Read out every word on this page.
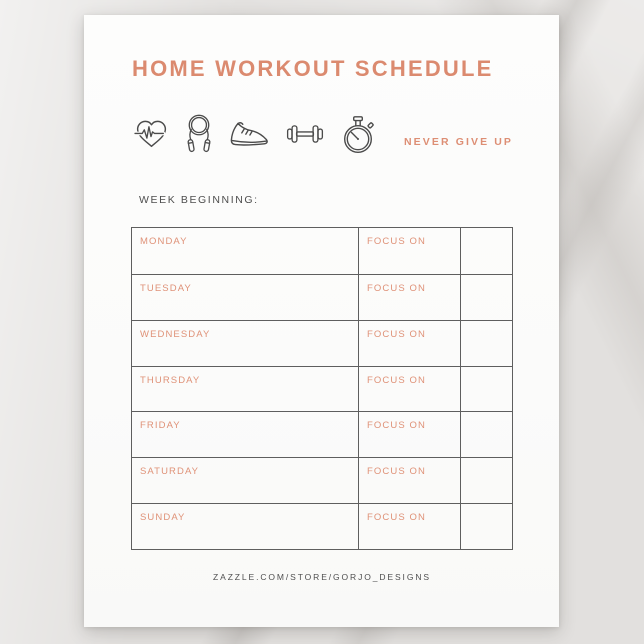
HOME WORKOUT SCHEDULE
NEVER GIVE UP
WEEK BEGINNING:
MONDAY	FOCUS ON
TUESDAY	FOCUS ON
WEDNESDAY	FOCUS ON
THURSDAY	FOCUS ON
FRIDAY	FOCUS ON
SATURDAY	FOCUS ON
SUNDAY	FOCUS ON
ZAZZLE.COM/STORE/GORJO_DESIGNS
